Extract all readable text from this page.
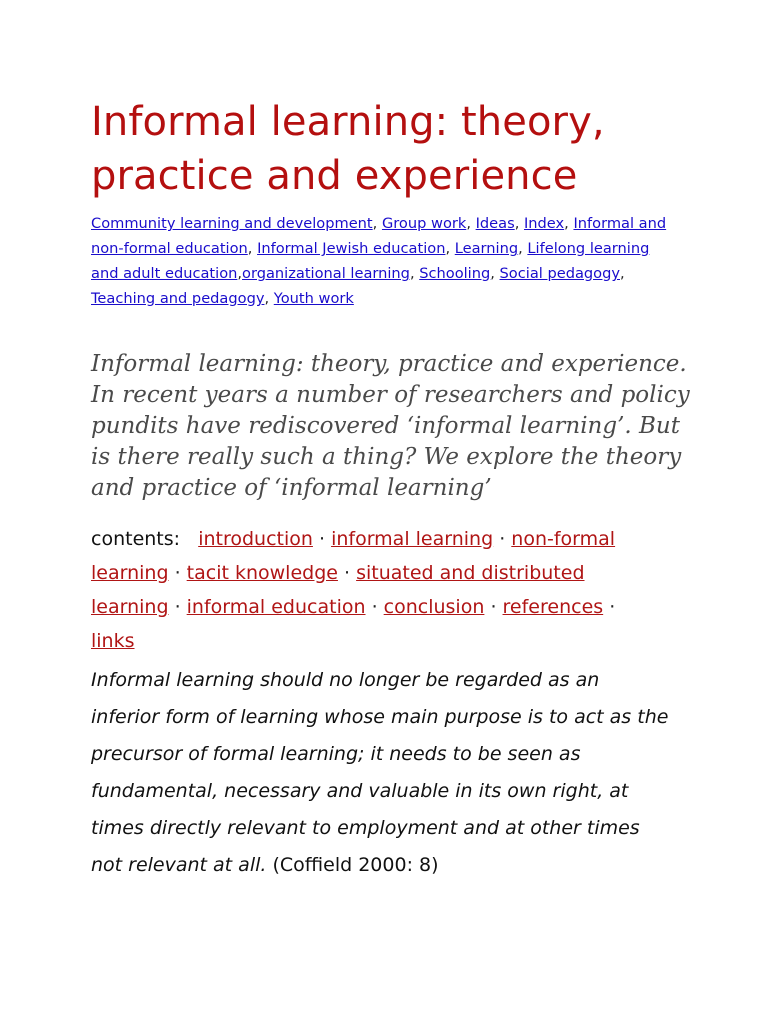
Informal learning: theory,
practice and experience
Community learning and development, Group work, Ideas, Index, Informal and non-formal education, Informal Jewish education, Learning, Lifelong learning and adult education,organizational learning, Schooling, Social pedagogy, Teaching and pedagogy, Youth work
Informal learning: theory, practice and experience. In recent years a number of researchers and policy pundits have rediscovered ‘informal learning’. But is there really such a thing? We explore the theory and practice of ‘informal learning’
contents: introduction · informal learning · non-formal learning · tacit knowledge · situated and distributed learning · informal education · conclusion · references · links
Informal learning should no longer be regarded as an inferior form of learning whose main purpose is to act as the precursor of formal learning; it needs to be seen as fundamental, necessary and valuable in its own right, at times directly relevant to employment and at other times not relevant at all. (Coffield 2000: 8)
